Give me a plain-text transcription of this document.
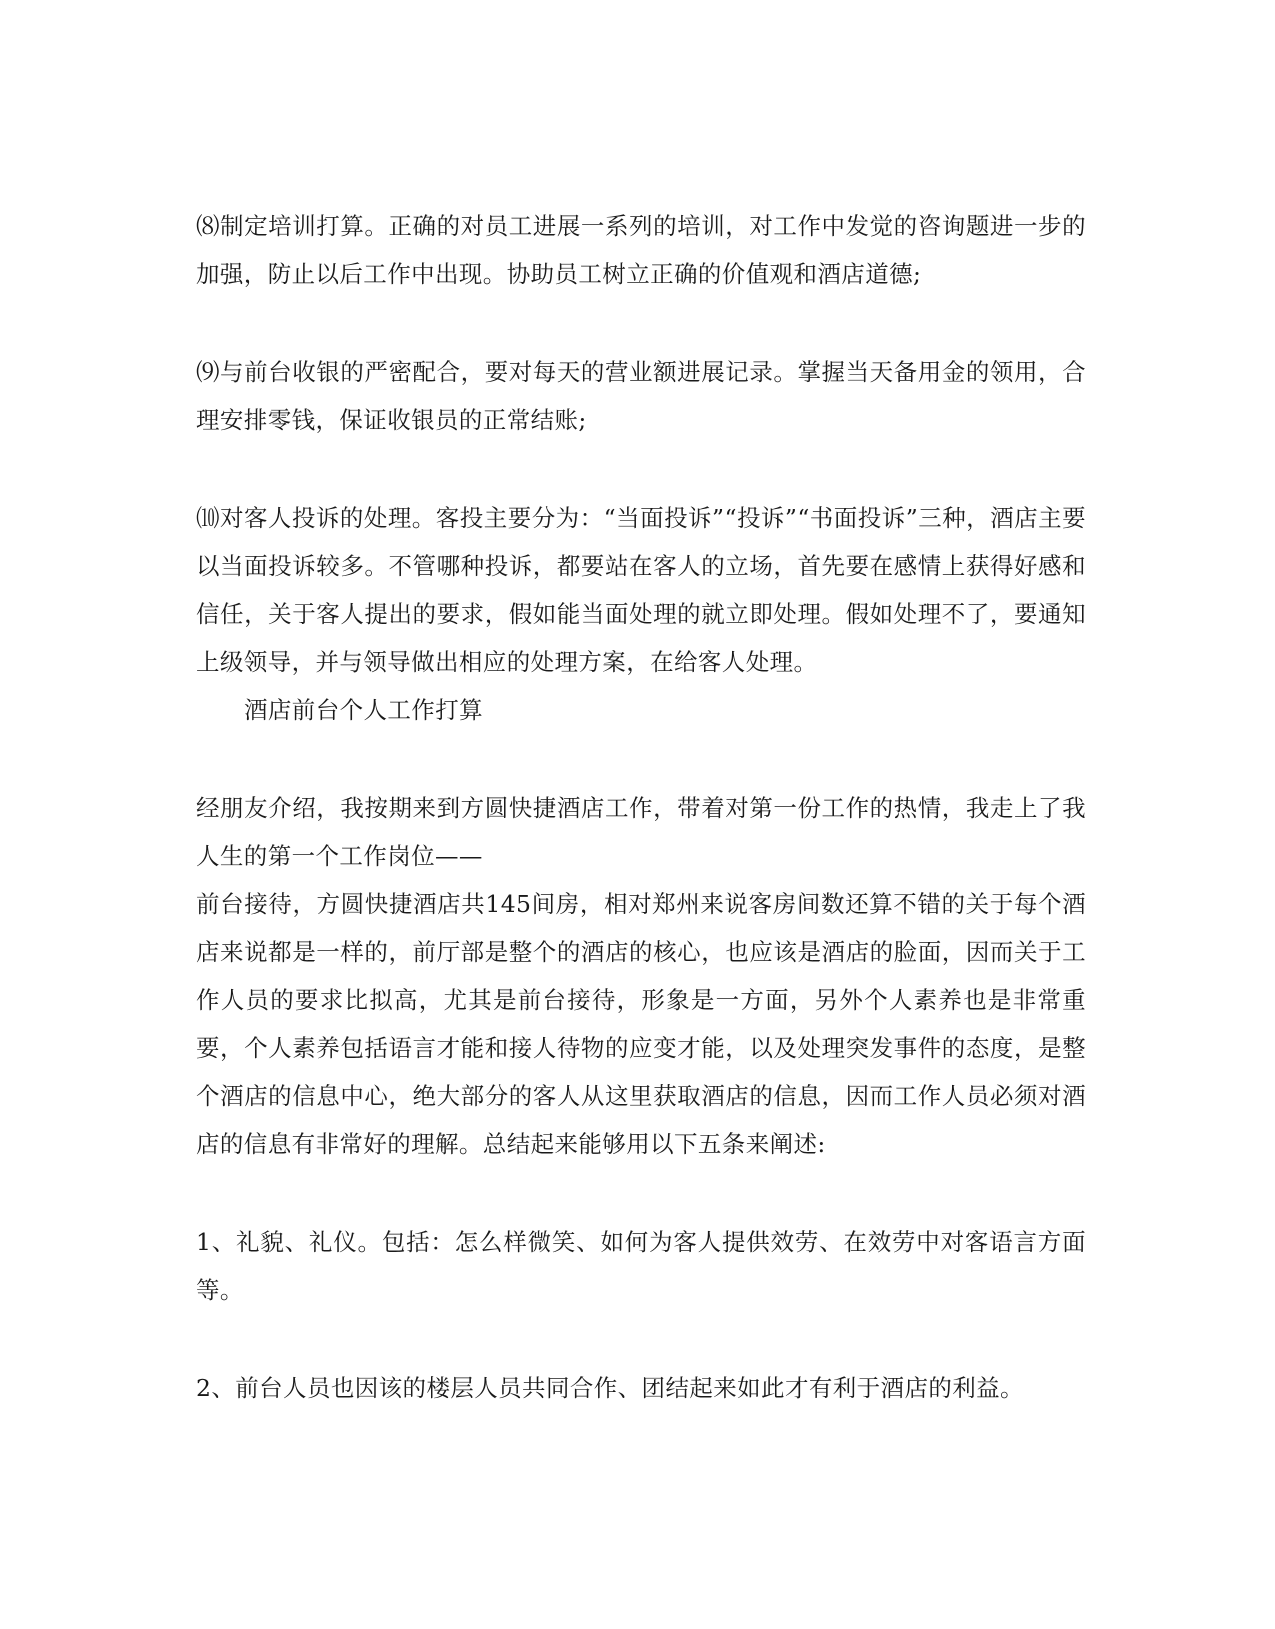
⑻制定培训打算。正确的对员工进展一系列的培训，对工作中发觉的咨询题进一步的加强，防止以后工作中出现。协助员工树立正确的价值观和酒店道德;

⑼与前台收银的严密配合，要对每天的营业额进展记录。掌握当天备用金的领用，合理安排零钱，保证收银员的正常结账;

⑽对客人投诉的处理。客投主要分为：“当面投诉”“投诉”“书面投诉”三种，酒店主要以当面投诉较多。不管哪种投诉，都要站在客人的立场，首先要在感情上获得好感和信任，关于客人提出的要求，假如能当面处理的就立即处理。假如处理不了，要通知上级领导，并与领导做出相应的处理方案，在给客人处理。

酒店前台个人工作打算

经朋友介绍，我按期来到方圆快捷酒店工作，带着对第一份工作的热情，我走上了我人生的第一个工作岗位——

前台接待，方圆快捷酒店共145间房，相对郑州来说客房间数还算不错的关于每个酒店来说都是一样的，前厅部是整个的酒店的核心，也应该是酒店的脸面，因而关于工作人员的要求比拟高，尤其是前台接待，形象是一方面，另外个人素养也是非常重要，个人素养包括语言才能和接人待物的应变才能，以及处理突发事件的态度，是整个酒店的信息中心，绝大部分的客人从这里获取酒店的信息，因而工作人员必须对酒店的信息有非常好的理解。总结起来能够用以下五条来阐述:

1、礼貌、礼仪。包括：怎么样微笑、如何为客人提供效劳、在效劳中对客语言方面等。

2、前台人员也因该的楼层人员共同合作、团结起来如此才有利于酒店的利益。
